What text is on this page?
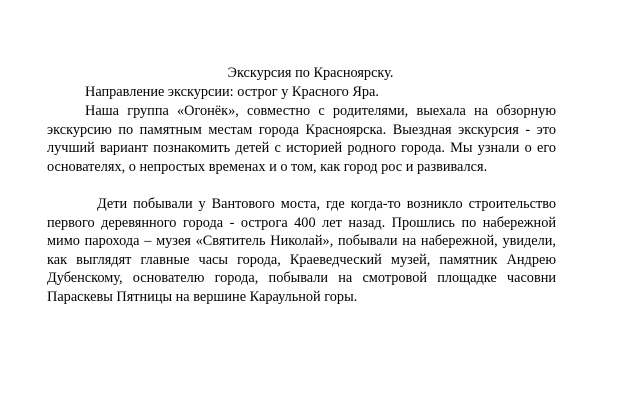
Экскурсия по Красноярску.
Направление экскурсии: острог у Красного Яра.

Наша группа «Огонёк», совместно с родителями, выехала на обзорную экскурсию по памятным местам города Красноярска. Выездная экскурсия - это лучший вариант познакомить детей с историей родного города. Мы узнали о его основателях, о непростых временах и о том, как город рос и развивался.

Дети побывали у Вантового моста, где когда-то возникло строительство первого деревянного города - острога 400 лет назад. Прошлись по набережной мимо парохода – музея «Святитель Николай», побывали на набережной, увидели, как выглядят главные часы города, Краеведческий музей, памятник Андрею Дубенскому, основателю города, побывали на смотровой площадке часовни Параскевы Пятницы на вершине Караульной горы.
